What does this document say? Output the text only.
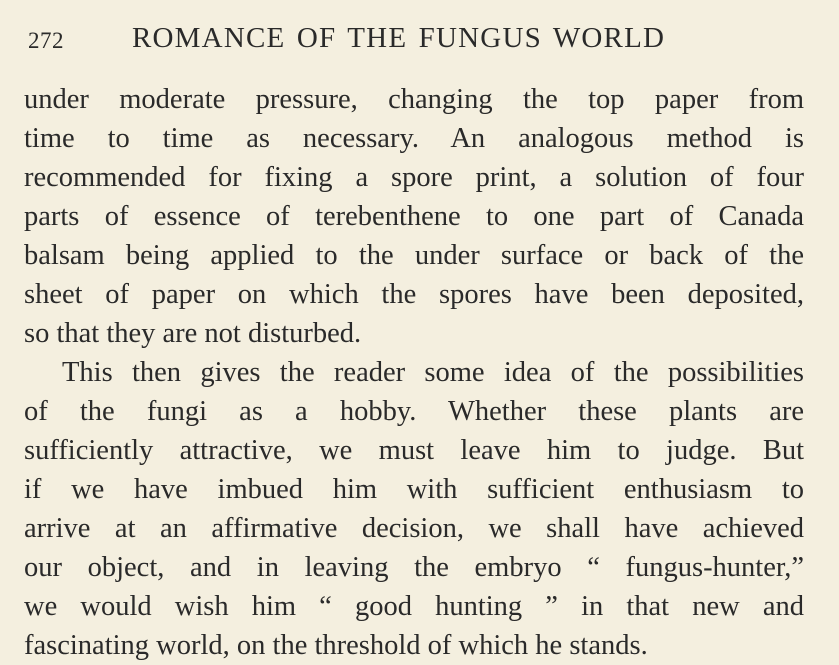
272 ROMANCE OF THE FUNGUS WORLD
under moderate pressure, changing the top paper from
time to time as necessary. An analogous method is
recommended for fixing a spore print, a solution of four
parts of essence of terebenthene to one part of Canada
balsam being applied to the under surface or back of the
sheet of paper on which the spores have been deposited,
so that they are not disturbed.
This then gives the reader some idea of the possibilities
of the fungi as a hobby. Whether these plants are
sufficiently attractive, we must leave him to judge. But
if we have imbued him with sufficient enthusiasm to
arrive at an affirmative decision, we shall have achieved
our object, and in leaving the embryo “ fungus-hunter,”
we would wish him “ good hunting ” in that new and
fascinating world, on the threshold of which he stands.
